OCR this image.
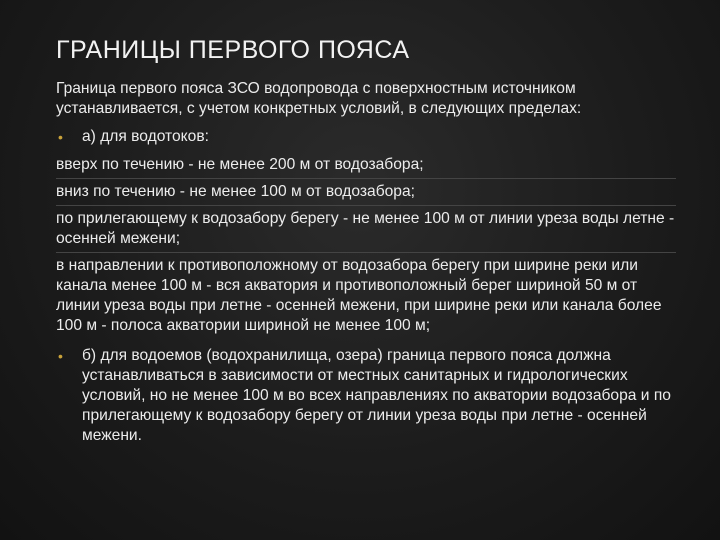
ГРАНИЦЫ ПЕРВОГО ПОЯСА

Граница первого пояса ЗСО водопровода с поверхностным источником устанавливается, с учетом конкретных условий, в следующих пределах:

•	а) для водотоков:

вверх по течению - не менее 200 м от водозабора;

вниз по течению - не менее 100 м от водозабора;

по прилегающему к водозабору берегу - не менее 100 м от линии уреза воды летне - осенней межени;

в направлении к противоположному от водозабора берегу при ширине реки или канала менее 100 м - вся акватория и противоположный берег шириной 50 м от линии уреза воды при летне - осенней межени, при ширине реки или канала более 100 м - полоса акватории шириной не менее 100 м;

•	б) для водоемов (водохранилища, озера) граница первого пояса должна устанавливаться в зависимости от местных санитарных и гидрологических условий, но не менее 100 м во всех направлениях по акватории водозабора и по прилегающему к водозабору берегу от линии уреза воды при летне - осенней межени.
